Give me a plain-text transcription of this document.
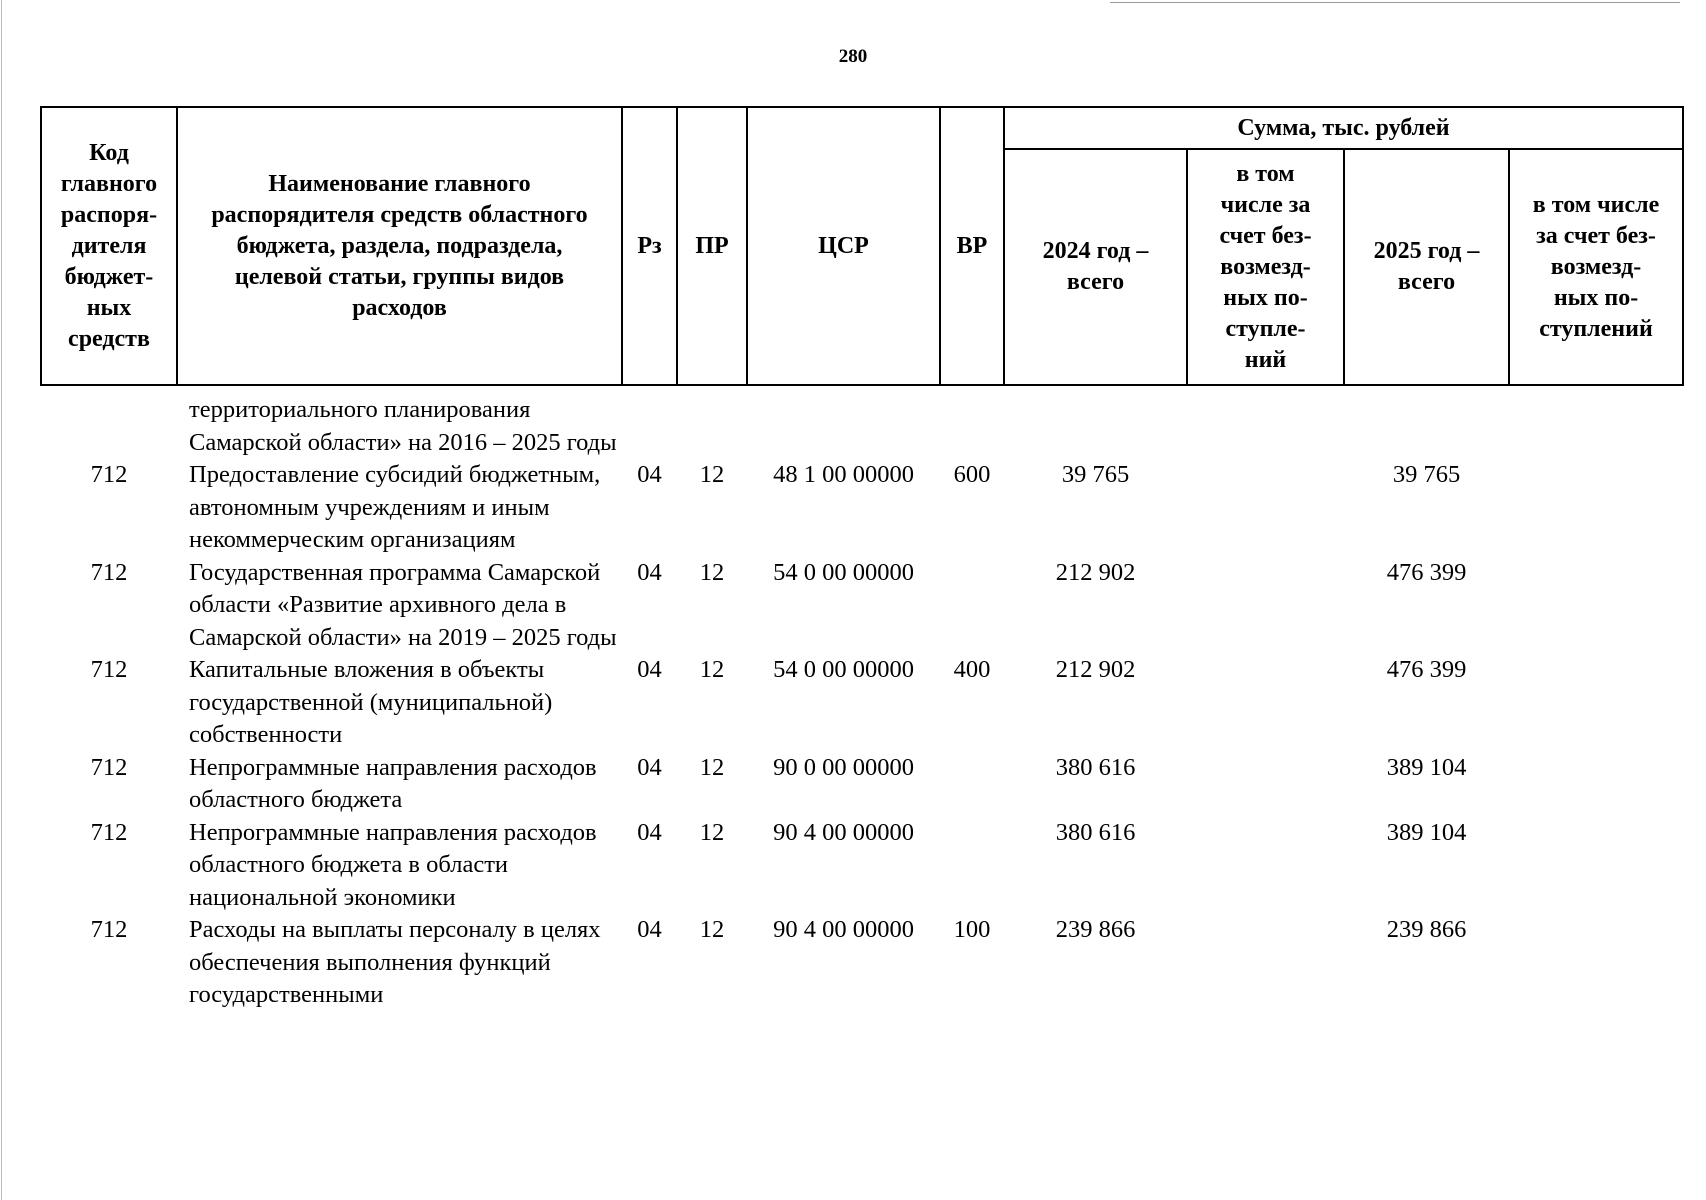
280
Код главного распоря-дителя бюджет-ных средств	Наименование главного распорядителя средств областного бюджета, раздела, подраздела, целевой статьи, группы видов расходов	Рз	ПР	ЦСР	ВР	Сумма, тыс. рублей			
						2024 год – всего	в том числе за счет без-возмезд-ных по-ступле-ний	2025 год – всего	в том числе за счет без-возмезд-ных по-ступлений
	территориального планирования Самарской области» на 2016 – 2025 годы								
712	Предоставление субсидий бюджетным, автономным учреждениям и иным некоммерческим организациям	04	12	48 1 00 00000	600	39 765		39 765	
712	Государственная программа Самарской области «Развитие архивного дела в Самарской области» на 2019 – 2025 годы	04	12	54 0 00 00000		212 902		476 399	
712	Капитальные вложения в объекты государственной (муниципальной) собственности	04	12	54 0 00 00000	400	212 902		476 399	
712	Непрограммные направления расходов областного бюджета	04	12	90 0 00 00000		380 616		389 104	
712	Непрограммные направления расходов областного бюджета в области национальной экономики	04	12	90 4 00 00000		380 616		389 104	
712	Расходы на выплаты персоналу в целях обеспечения выполнения функций государственными	04	12	90 4 00 00000	100	239 866		239 866	
